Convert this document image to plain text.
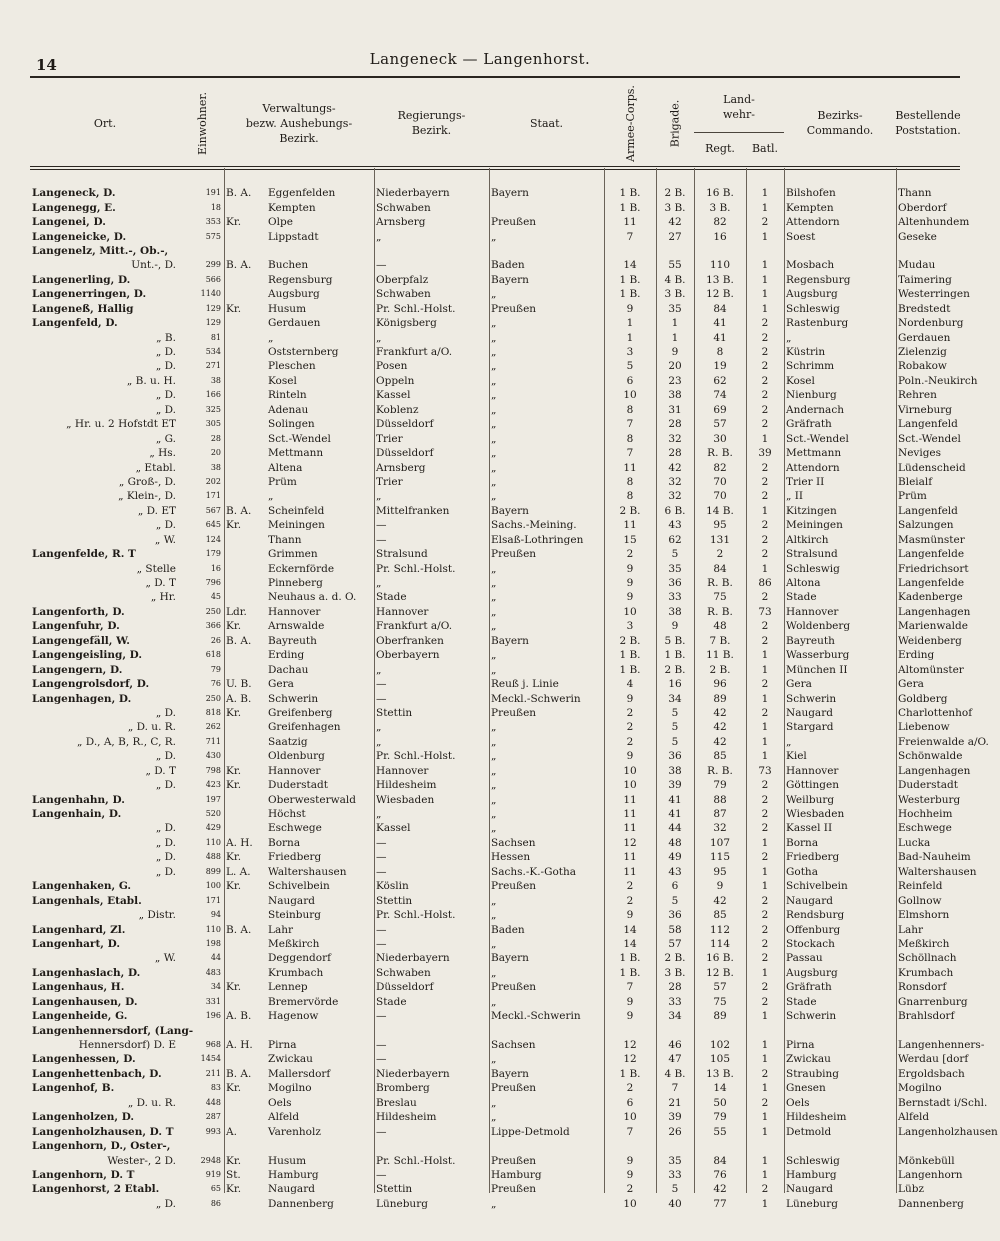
14	Langeneck — Langenhorst.
Ort.	Einwohner.	Verwaltungs-
bezw. Aushebungs-
Bezirk.
Regierungs-
Bezirk.
Staat.	Armee-Corps.	Brigade.	Land-
wehr-
Regt.	Batl.
Bezirks-
Commando.
Bestellende
Poststation.
Langeneck, D.	191	B. A.	Eggenfelden	Niederbayern	Bayern	1 B.	2 B.	16 B.	1	Bilshofen	Thann
Langenegg, E.	18		Kempten	Schwaben		1 B.	3 B.	3 B.	1	Kempten	Oberdorf
Langenei, D.	353	Kr.	Olpe	Arnsberg	Preußen	11	42	82	2	Attendorn	Altenhundem
Langeneicke, D.	575		Lippstadt	„	„	7	27	16	1	Soest	Geseke
Langenelz, Mitt.-, Ob.-,											
Unt.-, D.	299	B. A.	Buchen	—	Baden	14	55	110	1	Mosbach	Mudau
Langenerling, D.	566		Regensburg	Oberpfalz	Bayern	1 B.	4 B.	13 B.	1	Regensburg	Taimering
Langenerringen, D.	1140		Augsburg	Schwaben	„	1 B.	3 B.	12 B.	1	Augsburg	Westerringen
Langeneß, Hallig	129	Kr.	Husum	Pr. Schl.-Holst.	Preußen	9	35	84	1	Schleswig	Bredstedt
Langenfeld, D.	129		Gerdauen	Königsberg	„	1	1	41	2	Rastenburg	Nordenburg
„ B.	81		„	„	„	1	1	41	2	„	Gerdauen
„ D.	534		Oststernberg	Frankfurt a/O.	„	3	9	8	2	Küstrin	Zielenzig
„ D.	271		Pleschen	Posen	„	5	20	19	2	Schrimm	Robakow
„ B. u. H.	38		Kosel	Oppeln	„	6	23	62	2	Kosel	Poln.-Neukirch
„ D.	166		Rinteln	Kassel	„	10	38	74	2	Nienburg	Rehren
„ D.	325		Adenau	Koblenz	„	8	31	69	2	Andernach	Virneburg
„ Hr. u. 2 Hofstdt ET	305		Solingen	Düsseldorf	„	7	28	57	2	Gräfrath	Langenfeld
„ G.	28		Sct.-Wendel	Trier	„	8	32	30	1	Sct.-Wendel	Sct.-Wendel
„ Hs.	20		Mettmann	Düsseldorf	„	7	28	R. B.	39	Mettmann	Neviges
„ Etabl.	38		Altena	Arnsberg	„	11	42	82	2	Attendorn	Lüdenscheid
„ Groß-, D.	202		Prüm	Trier	„	8	32	70	2	Trier II	Bleialf
„ Klein-, D.	171		„	„	„	8	32	70	2	„ II	Prüm
„ D. ET	567	B. A.	Scheinfeld	Mittelfranken	Bayern	2 B.	6 B.	14 B.	1	Kitzingen	Langenfeld
„ D.	645	Kr.	Meiningen	—	Sachs.-Meining.	11	43	95	2	Meiningen	Salzungen
„ W.	124		Thann	—	Elsaß-Lothringen	15	62	131	2	Altkirch	Masmünster
Langenfelde, R. T	179		Grimmen	Stralsund	Preußen	2	5	2	2	Stralsund	Langenfelde
„ Stelle	16		Eckernförde	Pr. Schl.-Holst.	„	9	35	84	1	Schleswig	Friedrichsort
„ D. T	796		Pinneberg	„	„	9	36	R. B.	86	Altona	Langenfelde
„ Hr.	45		Neuhaus a. d. O.	Stade	„	9	33	75	2	Stade	Kadenberge
Langenforth, D.	250	Ldr.	Hannover	Hannover	„	10	38	R. B.	73	Hannover	Langenhagen
Langenfuhr, D.	366	Kr.	Arnswalde	Frankfurt a/O.	„	3	9	48	2	Woldenberg	Marienwalde
Langengefäll, W.	26	B. A.	Bayreuth	Oberfranken	Bayern	2 B.	5 B.	7 B.	2	Bayreuth	Weidenberg
Langengeisling, D.	618		Erding	Oberbayern	„	1 B.	1 B.	11 B.	1	Wasserburg	Erding
Langengern, D.	79		Dachau	„	„	1 B.	2 B.	2 B.	1	München II	Altomünster
Langengrolsdorf, D.	76	U. B.	Gera	—	Reuß j. Linie	4	16	96	2	Gera	Gera
Langenhagen, D.	250	A. B.	Schwerin	—	Meckl.-Schwerin	9	34	89	1	Schwerin	Goldberg
„ D.	818	Kr.	Greifenberg	Stettin	Preußen	2	5	42	2	Naugard	Charlottenhof
„ D. u. R.	262		Greifenhagen	„	„	2	5	42	1	Stargard	Liebenow
„ D., A, B, R., C, R.	711		Saatzig	„	„	2	5	42	1	„	Freienwalde a/O.
„ D.	430		Oldenburg	Pr. Schl.-Holst.	„	9	36	85	1	Kiel	Schönwalde
„ D. T	798	Kr.	Hannover	Hannover	„	10	38	R. B.	73	Hannover	Langenhagen
„ D.	423	Kr.	Duderstadt	Hildesheim	„	10	39	79	2	Göttingen	Duderstadt
Langenhahn, D.	197		Oberwesterwald	Wiesbaden	„	11	41	88	2	Weilburg	Westerburg
Langenhain, D.	520		Höchst	„	„	11	41	87	2	Wiesbaden	Hochheim
„ D.	429		Eschwege	Kassel	„	11	44	32	2	Kassel II	Eschwege
„ D.	110	A. H.	Borna	—	Sachsen	12	48	107	1	Borna	Lucka
„ D.	488	Kr.	Friedberg	—	Hessen	11	49	115	2	Friedberg	Bad-Nauheim
„ D.	899	L. A.	Waltershausen	—	Sachs.-K.-Gotha	11	43	95	1	Gotha	Waltershausen
Langenhaken, G.	100	Kr.	Schivelbein	Köslin	Preußen	2	6	9	1	Schivelbein	Reinfeld
Langenhals, Etabl.	171		Naugard	Stettin	„	2	5	42	2	Naugard	Gollnow
„ Distr.	94		Steinburg	Pr. Schl.-Holst.	„	9	36	85	2	Rendsburg	Elmshorn
Langenhard, Zl.	110	B. A.	Lahr	—	Baden	14	58	112	2	Offenburg	Lahr
Langenhart, D.	198		Meßkirch	—	„	14	57	114	2	Stockach	Meßkirch
„ W.	44		Deggendorf	Niederbayern	Bayern	1 B.	2 B.	16 B.	2	Passau	Schöllnach
Langenhaslach, D.	483		Krumbach	Schwaben	„	1 B.	3 B.	12 B.	1	Augsburg	Krumbach
Langenhaus, H.	34	Kr.	Lennep	Düsseldorf	Preußen	7	28	57	2	Gräfrath	Ronsdorf
Langenhausen, D.	331		Bremervörde	Stade	„	9	33	75	2	Stade	Gnarrenburg
Langenheide, G.	196	A. B.	Hagenow	—	Meckl.-Schwerin	9	34	89	1	Schwerin	Brahlsdorf
Langenhennersdorf, (Lang-											
Hennersdorf) D. E	968	A. H.	Pirna	—	Sachsen	12	46	102	1	Pirna	Langenhenners-
Langenhessen, D.	1454		Zwickau	—	„	12	47	105	1	Zwickau	Werdau [dorf
Langenhettenbach, D.	211	B. A.	Mallersdorf	Niederbayern	Bayern	1 B.	4 B.	13 B.	2	Straubing	Ergoldsbach
Langenhof, B.	83	Kr.	Mogilno	Bromberg	Preußen	2	7	14	1	Gnesen	Mogilno
„ D. u. R.	448		Oels	Breslau	„	6	21	50	2	Oels	Bernstadt i/Schl.
Langenholzen, D.	287		Alfeld	Hildesheim	„	10	39	79	1	Hildesheim	Alfeld
Langenholzhausen, D. T	993	A.	Varenholz	—	Lippe-Detmold	7	26	55	1	Detmold	Langenholzhausen
Langenhorn, D., Oster-,											
Wester-, 2 D.	2948	Kr.	Husum	Pr. Schl.-Holst.	Preußen	9	35	84	1	Schleswig	Mönkebüll
Langenhorn, D. T	919	St.	Hamburg	—	Hamburg	9	33	76	1	Hamburg	Langenhorn
Langenhorst, 2 Etabl.	65	Kr.	Naugard	Stettin	Preußen	2	5	42	2	Naugard	Lübz
„ D.	86		Dannenberg	Lüneburg	„	10	40	77	1	Lüneburg	Dannenberg
